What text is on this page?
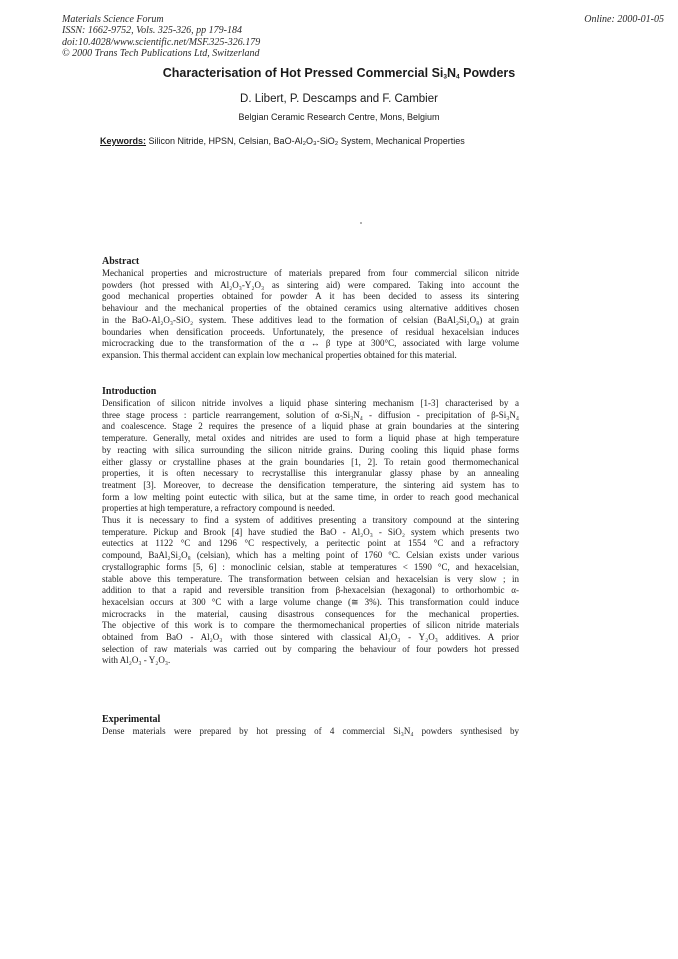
Materials Science Forum
ISSN: 1662-9752, Vols. 325-326, pp 179-184
doi:10.4028/www.scientific.net/MSF.325-326.179
© 2000 Trans Tech Publications Ltd, Switzerland
Online: 2000-01-05
Characterisation of Hot Pressed Commercial $Si_3N_4$ Powders
D. Libert, P. Descamps and F. Cambier
Belgian Ceramic Research Centre, Mons, Belgium
Keywords: Silicon Nitride, HPSN, Celsian, BaO-Al₂O₃-SiO₂ System, Mechanical Properties
Abstract
Mechanical properties and microstructure of materials prepared from four commercial silicon nitride
powders (hot pressed with Al₂O₃-Y₂O₃ as sintering aid) were compared. Taking into account the
good mechanical properties obtained for powder A it has been decided to assess its sintering
behaviour and the mechanical properties of the obtained ceramics using alternative additives chosen
in the BaO-Al₂O₃-SiO₂ system. These additives lead to the formation of celsian (BaAl₂Si₂O₈) at grain
boundaries when densification proceeds. Unfortunately, the presence of residual hexacelsian induces
microcracking due to the transformation of the α ↔ β type at 300°C, associated with large volume
expansion. This thermal accident can explain low mechanical properties obtained for this material.
Introduction
Densification of silicon nitride involves a liquid phase sintering mechanism [1-3] characterised by a
three stage process : particle rearrangement, solution of α-Si₃N₄ - diffusion - precipitation of β-Si₃N₄
and coalescence. Stage 2 requires the presence of a liquid phase at grain boundaries at the sintering
temperature. Generally, metal oxides and nitrides are used to form a liquid phase at high temperature
by reacting with silica surrounding the silicon nitride grains. During cooling this liquid phase forms
either glassy or crystalline phases at the grain boundaries [1, 2]. To retain good thermomechanical
properties, it is often necessary to recrystallise this intergranular glassy phase by an annealing
treatment [3]. Moreover, to decrease the densification temperature, the sintering aid system has to
form a low melting point eutectic with silica, but at the same time, in order to reach good mechanical
properties at high temperature, a refractory compound is needed.
Thus it is necessary to find a system of additives presenting a transitory compound at the sintering
temperature. Pickup and Brook [4] have studied the BaO - Al₂O₃ - SiO₂ system which presents two
eutectics at 1122 °C and 1296 °C respectively, a peritectic point at 1554 °C and a refractory
compound, BaAl₂Si₂O₈ (celsian), which has a melting point of 1760 °C. Celsian exists under various
crystallographic forms [5, 6] : monoclinic celsian, stable at temperatures < 1590 °C, and hexacelsian,
stable above this temperature. The transformation between celsian and hexacelsian is very slow ; in
addition to that a rapid and reversible transition from β-hexacelsian (hexagonal) to orthorhombic α-
hexacelsian occurs at 300 °C with a large volume change (≅ 3%). This transformation could induce
microcracks in the material, causing disastrous consequences for the mechanical properties.
The objective of this work is to compare the thermomechanical properties of silicon nitride materials
obtained from BaO - Al₂O₃ with those sintered with classical Al₂O₃ - Y₂O₃ additives. A prior
selection of raw materials was carried out by comparing the behaviour of four powders hot pressed
with Al₂O₃ - Y₂O₃.
Experimental
Dense materials were prepared by hot pressing of 4 commercial Si₃N₄ powders synthesised by
